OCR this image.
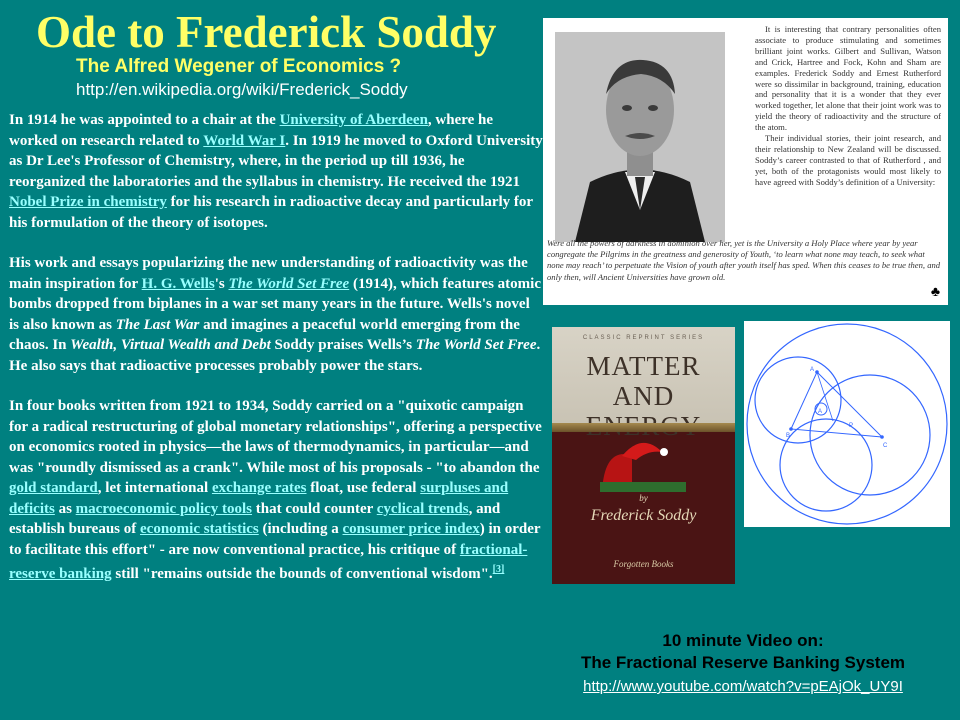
Ode to Frederick Soddy
The Alfred Wegener of Economics ?
http://en.wikipedia.org/wiki/Frederick_Soddy

In 1914 he was appointed to a chair at the University of Aberdeen, where he worked on research related to World War I. In 1919 he moved to Oxford University as Dr Lee's Professor of Chemistry, where, in the period up till 1936, he reorganized the laboratories and the syllabus in chemistry. He received the 1921 Nobel Prize in chemistry for his research in radioactive decay and particularly for his formulation of the theory of isotopes.

His work and essays popularizing the new understanding of radioactivity was the main inspiration for H. G. Wells's The World Set Free (1914), which features atomic bombs dropped from biplanes in a war set many years in the future. Wells's novel is also known as The Last War and imagines a peaceful world emerging from the chaos. In Wealth, Virtual Wealth and Debt Soddy praises Wells’s The World Set Free. He also says that radioactive processes probably power the stars.

In four books written from 1921 to 1934, Soddy carried on a "quixotic campaign for a radical restructuring of global monetary relationships", offering a perspective on economics rooted in physics—the laws of thermodynamics, in particular—and was "roundly dismissed as a crank". While most of his proposals - "to abandon the gold standard, let international exchange rates float, use federal surpluses and deficits as macroeconomic policy tools that could counter cyclical trends, and establish bureaus of economic statistics (including a consumer price index) in order to facilitate this effort" - are now conventional practice, his critique of fractional-reserve banking still "remains outside the bounds of conventional wisdom".[3]

It is interesting that contrary personalities often associate to produce stimulating and sometimes brilliant joint works. Gilbert and Sullivan, Watson and Crick, Hartree and Fock, Kohn and Sham are examples. Frederick Soddy and Ernest Rutherford were so dissimilar in background, training, education and personality that it is a wonder that they ever worked together, let alone that their joint work was to yield the theory of radioactivity and the structure of the atom.
Their individual stories, their joint research, and their relationship to New Zealand will be discussed. Soddy’s career contrasted to that of Rutherford , and yet, both of the protagonists would most likely to have agreed with Soddy’s definition of a University:
Were all the powers of darkness in dominion over her, yet is the University a Holy Place where year by year congregate the Pilgrims in the greatness and generosity of Youth, ‘to learn what none may teach, to seek what none may reach’ to perpetuate the Vision of youth after youth itself has sped. When this ceases to be true then, and only then, will Ancient Universities have grown old.
♣
CLASSIC REPRINT SERIES
MATTER
AND
by
Frederick Soddy
Forgotten Books
A
A
B
C
P
10 minute Video on:
The Fractional Reserve Banking System
http://www.youtube.com/watch?v=pEAjOk_UY9I
